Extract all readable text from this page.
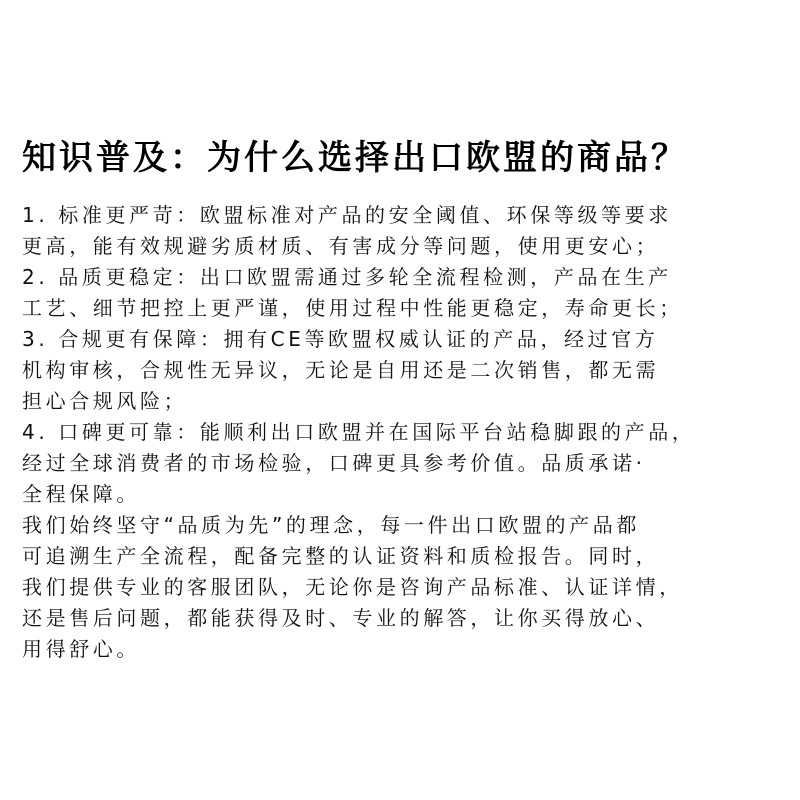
知识普及：为什么选择出口欧盟的商品？
1. 标准更严苛：欧盟标准对产品的安全阈值、环保等级等要求
更高，能有效规避劣质材质、有害成分等问题，使用更安心；
2. 品质更稳定：出口欧盟需通过多轮全流程检测，产品在生产
工艺、细节把控上更严谨，使用过程中性能更稳定，寿命更长；
3. 合规更有保障：拥有CE等欧盟权威认证的产品，经过官方
机构审核，合规性无异议，无论是自用还是二次销售，都无需
担心合规风险；
4. 口碑更可靠：能顺利出口欧盟并在国际平台站稳脚跟的产品，
经过全球消费者的市场检验，口碑更具参考价值。品质承诺·
全程保障。
我们始终坚守“品质为先”的理念，每一件出口欧盟的产品都
可追溯生产全流程，配备完整的认证资料和质检报告。同时，
我们提供专业的客服团队，无论你是咨询产品标准、认证详情，
还是售后问题，都能获得及时、专业的解答，让你买得放心、
用得舒心。
